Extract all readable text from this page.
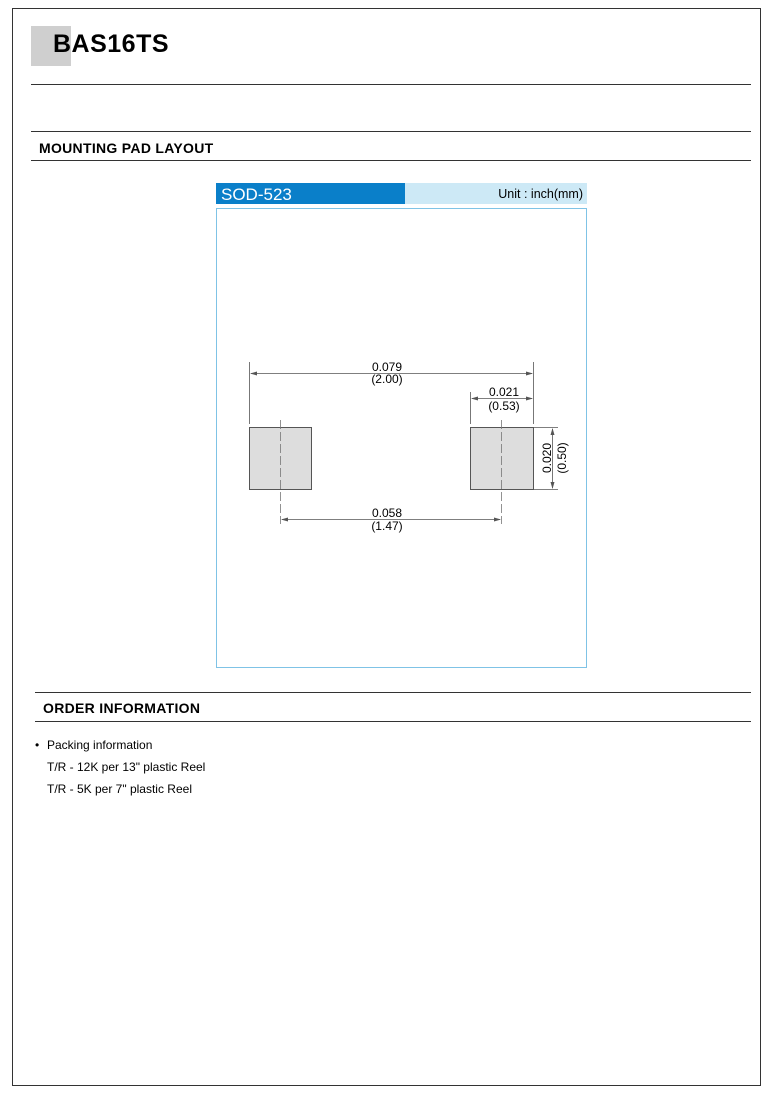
BAS16TS
MOUNTING PAD LAYOUT
SOD-523	Unit : inch(mm)
0.079
(2.00)
0.021
(0.53)
0.020 (0.50)
0.058
(1.47)
ORDER INFORMATION
• Packing information
T/R - 12K per 13" plastic Reel
T/R - 5K per 7" plastic Reel
